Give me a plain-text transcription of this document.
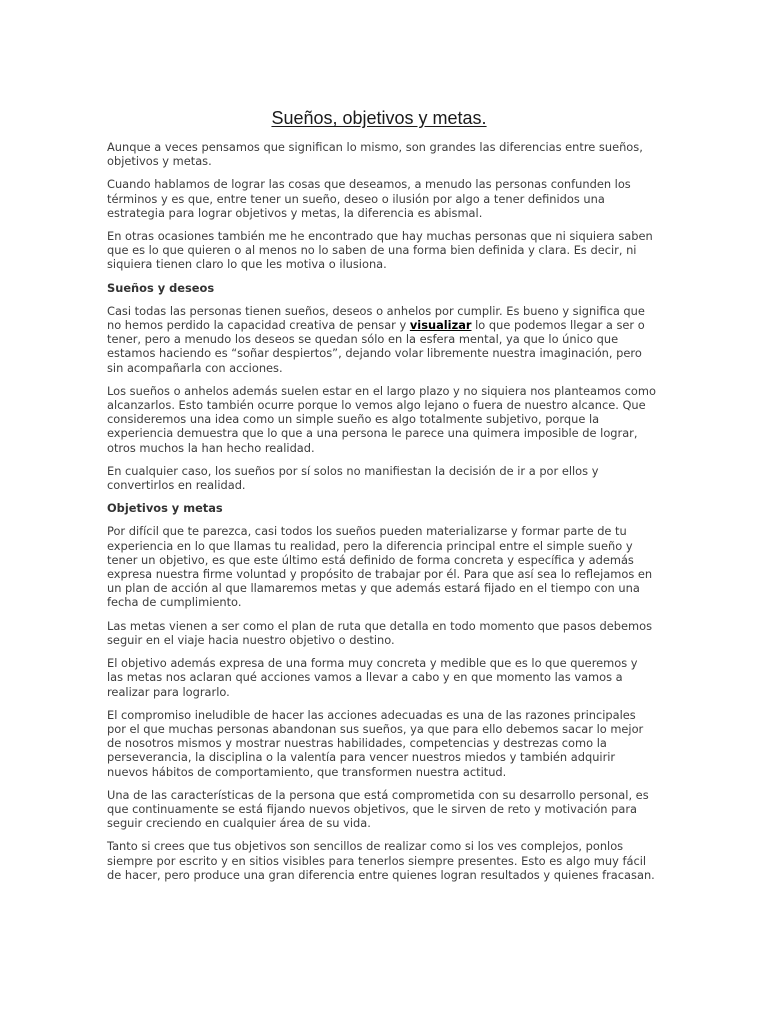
Sueños, objetivos y metas.

Aunque a veces pensamos que significan lo mismo, son grandes las diferencias entre sueños, objetivos y metas.

Cuando hablamos de lograr las cosas que deseamos, a menudo las personas confunden los términos y es que, entre tener un sueño, deseo o ilusión por algo a tener definidos una estrategia para lograr objetivos y metas, la diferencia es abismal.

En otras ocasiones también me he encontrado que hay muchas personas que ni siquiera saben que es lo que quieren o al menos no lo saben de una forma bien definida y clara. Es decir, ni siquiera tienen claro lo que les motiva o ilusiona.

Sueños y deseos

Casi todas las personas tienen sueños, deseos o anhelos por cumplir. Es bueno y significa que no hemos perdido la capacidad creativa de pensar y visualizar lo que podemos llegar a ser o tener, pero a menudo los deseos se quedan sólo en la esfera mental, ya que lo único que estamos haciendo es “soñar despiertos”, dejando volar libremente nuestra imaginación, pero sin acompañarla con acciones.

Los sueños o anhelos además suelen estar en el largo plazo y no siquiera nos planteamos como alcanzarlos. Esto también ocurre porque lo vemos algo lejano o fuera de nuestro alcance. Que consideremos una idea como un simple sueño es algo totalmente subjetivo, porque la experiencia demuestra que lo que a una persona le parece una quimera imposible de lograr, otros muchos la han hecho realidad.

En cualquier caso, los sueños por sí solos no manifiestan la decisión de ir a por ellos y convertirlos en realidad.

Objetivos y metas

Por difícil que te parezca, casi todos los sueños pueden materializarse y formar parte de tu experiencia en lo que llamas tu realidad, pero la diferencia principal entre el simple sueño y tener un objetivo, es que este último está definido de forma concreta y específica y además expresa nuestra firme voluntad y propósito de trabajar por él. Para que así sea lo reflejamos en un plan de acción al que llamaremos metas y que además estará fijado en el tiempo con una fecha de cumplimiento.

Las metas vienen a ser como el plan de ruta que detalla en todo momento que pasos debemos seguir en el viaje hacia nuestro objetivo o destino.

El objetivo además expresa de una forma muy concreta y medible que es lo que queremos y las metas nos aclaran qué acciones vamos a llevar a cabo y en que momento las vamos a realizar para lograrlo.

El compromiso ineludible de hacer las acciones adecuadas es una de las razones principales por el que muchas personas abandonan sus sueños, ya que para ello debemos sacar lo mejor de nosotros mismos y mostrar nuestras habilidades, competencias y destrezas como la perseverancia, la disciplina o la valentía para vencer nuestros miedos y también adquirir nuevos hábitos de comportamiento, que transformen nuestra actitud.

Una de las características de la persona que está comprometida con su desarrollo personal, es que continuamente se está fijando nuevos objetivos, que le sirven de reto y motivación para seguir creciendo en cualquier área de su vida.

Tanto si crees que tus objetivos son sencillos de realizar como si los ves complejos, ponlos siempre por escrito y en sitios visibles para tenerlos siempre presentes. Esto es algo muy fácil de hacer, pero produce una gran diferencia entre quienes logran resultados y quienes fracasan.
